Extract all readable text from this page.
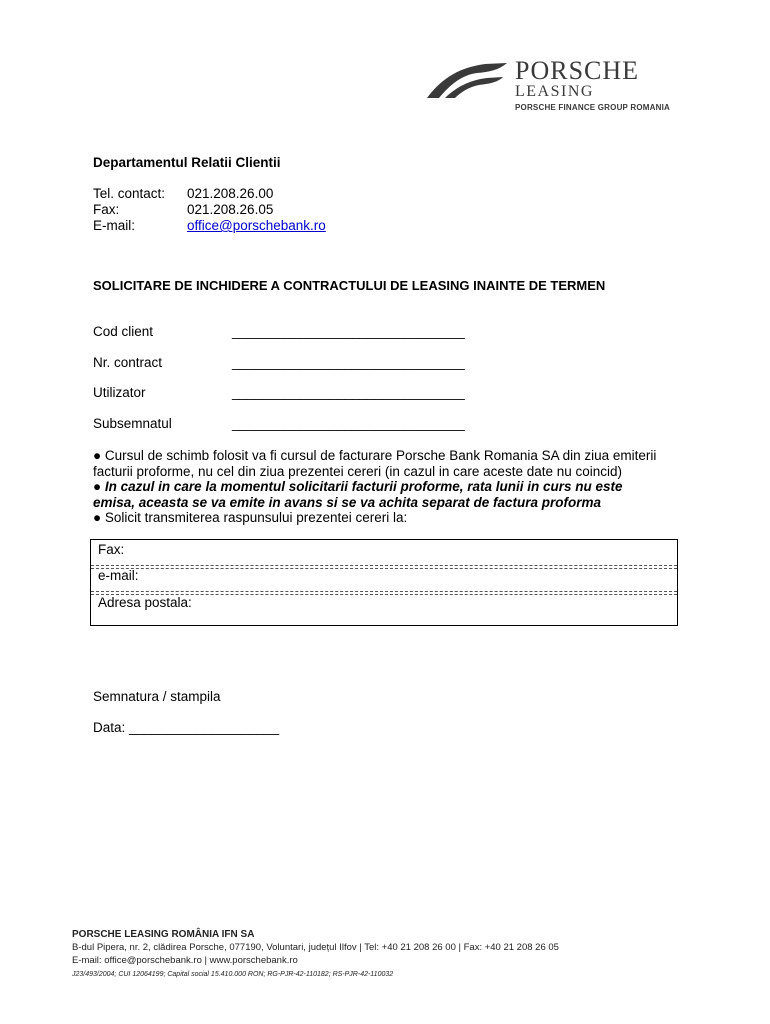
PORSCHE
LEASING
PORSCHE FINANCE GROUP ROMANIA
Departamentul Relatii Clientii
Tel. contact: 021.208.26.00
Fax:	021.208.26.05
E-mail:	office@porschebank.ro
SOLICITARE DE INCHIDERE A CONTRACTULUI DE LEASING INAINTE DE TERMEN
Cod client	_______________________________
Nr. contract	_______________________________
Utilizator	_______________________________
Subsemnatul	_______________________________
● Cursul de schimb folosit va fi cursul de facturare Porsche Bank Romania SA din ziua emiterii
facturii proforme, nu cel din ziua prezentei cereri (in cazul in care aceste date nu coincid)
● In cazul in care la momentul solicitarii facturii proforme, rata lunii in curs nu este
emisa, aceasta se va emite in avans si se va achita separat de factura proforma
● Solicit transmiterea raspunsului prezentei cereri la:
Fax:
e-mail:
Adresa postala:
Semnatura / stampila
Data: ____________________
PORSCHE LEASING ROMÂNIA IFN SA
B-dul Pipera, nr. 2, clădirea Porsche, 077190, Voluntari, județul Ilfov | Tel: +40 21 208 26 00 | Fax: +40 21 208 26 05
E-mail: office@porschebank.ro | www.porschebank.ro
J23/493/2004; CUI 12064199; Capital social 15.410.000 RON; RG-PJR-42-110182; RS-PJR-42-110032
